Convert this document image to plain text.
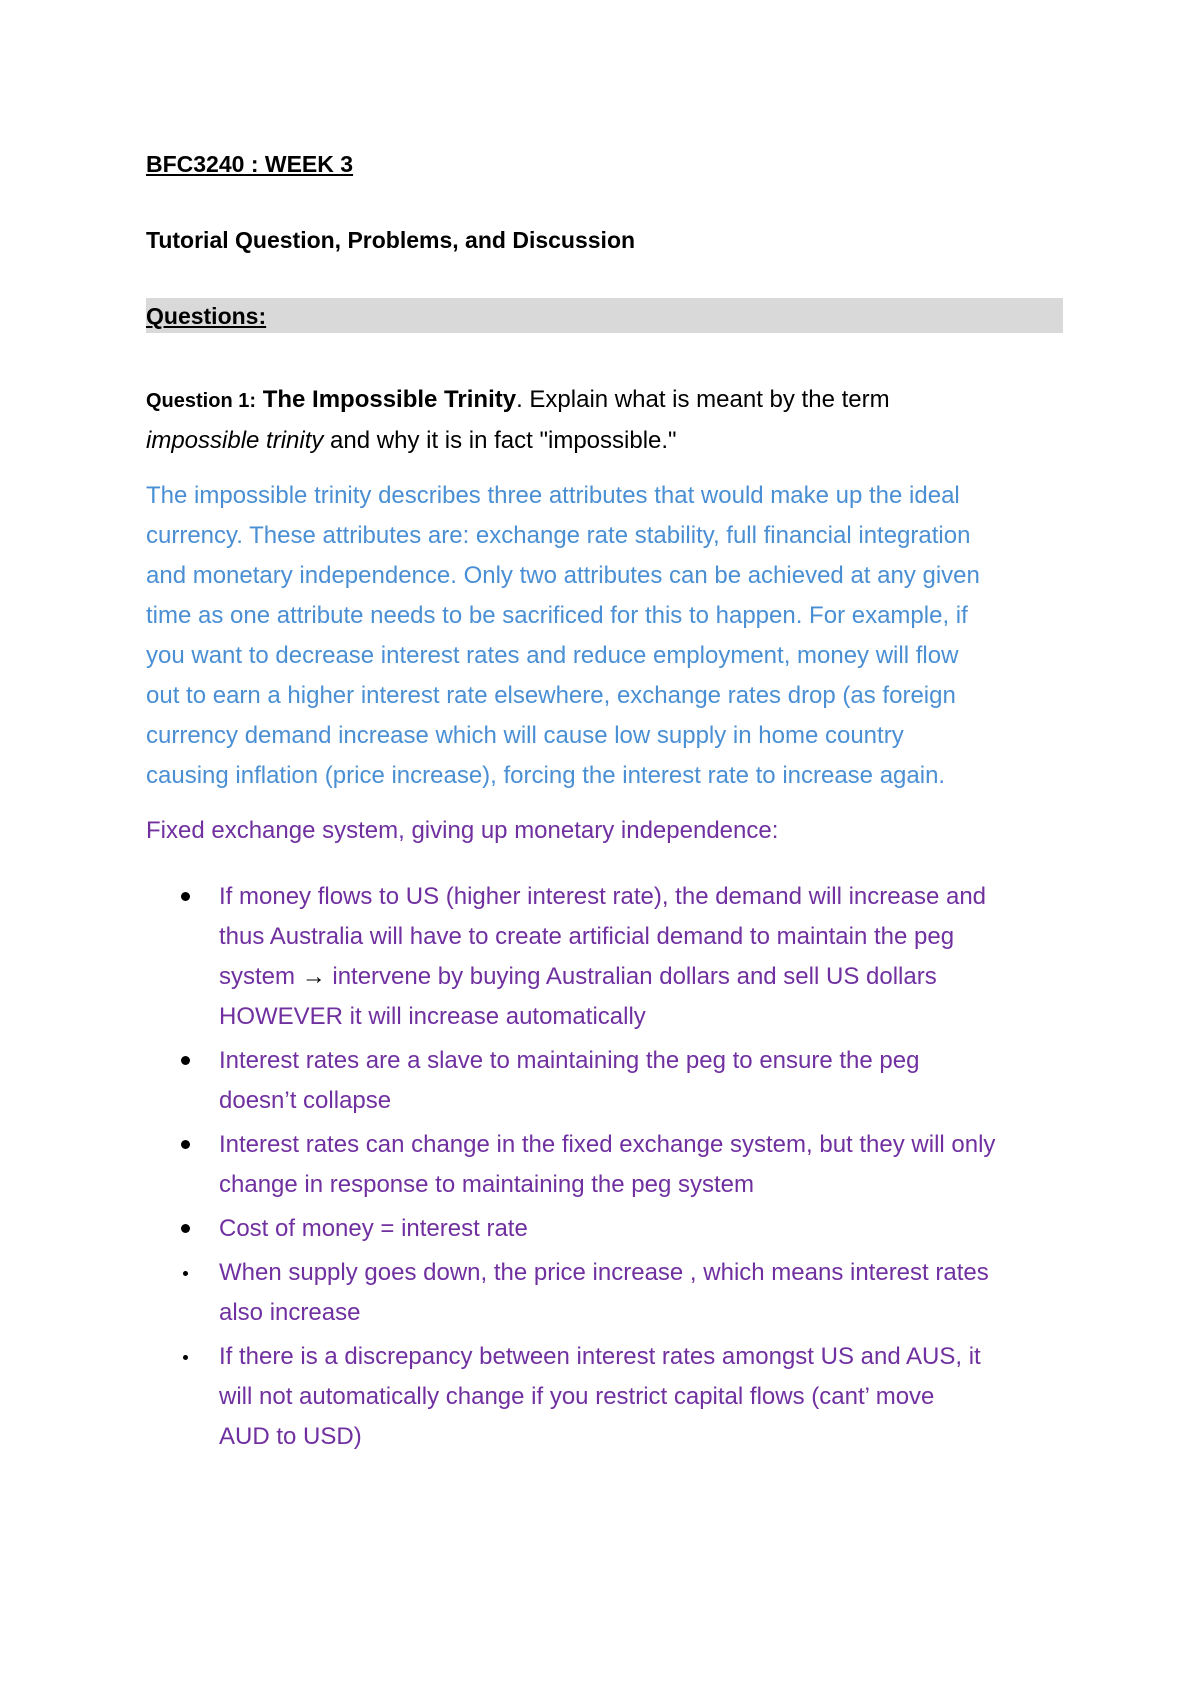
BFC3240 : WEEK 3
Tutorial Question, Problems, and Discussion
Questions:
Question 1: The Impossible Trinity. Explain what is meant by the term
impossible trinity and why it is in fact "impossible."

The impossible trinity describes three attributes that would make up the ideal
currency. These attributes are: exchange rate stability, full financial integration
and monetary independence. Only two attributes can be achieved at any given
time as one attribute needs to be sacrificed for this to happen. For example, if
you want to decrease interest rates and reduce employment, money will flow
out to earn a higher interest rate elsewhere, exchange rates drop (as foreign
currency demand increase which will cause low supply in home country
causing inflation (price increase), forcing the interest rate to increase again.

Fixed exchange system, giving up monetary independence:
If money flows to US (higher interest rate), the demand will increase and
thus Australia will have to create artificial demand to maintain the peg
system → intervene by buying Australian dollars and sell US dollars
HOWEVER it will increase automatically
Interest rates are a slave to maintaining the peg to ensure the peg
doesn’t collapse
Interest rates can change in the fixed exchange system, but they will only
change in response to maintaining the peg system
Cost of money = interest rate
When supply goes down, the price increase , which means interest rates
also increase
If there is a discrepancy between interest rates amongst US and AUS, it
will not automatically change if you restrict capital flows (cant’ move
AUD to USD)
